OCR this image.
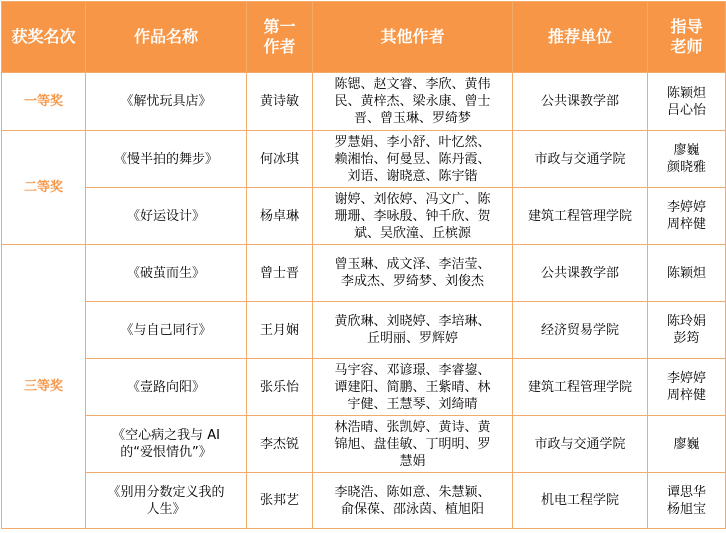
获奖名次	作品名称	第一
作者	其他作者	推荐单位	指导
老师

一等奖	《解忧玩具店》	黄诗敏	陈锶、赵文睿、李欣、黄伟
民、黄梓杰、梁永康、曾士
晋、曾玉琳、罗绮梦	公共课教学部	陈颖炟
吕心怡

二等奖	《慢半拍的舞步》	何冰琪	罗慧娟、李小舒、叶忆然、
赖湘怡、何曼昱、陈丹霞、
刘语、谢晓意、陈宇锴	市政与交通学院	廖巍
颜晓雅

	《好运设计》	杨卓琳	谢婷、刘依婷、冯文广、陈
珊珊、李咏殷、钟千欣、贺
斌、吴欣潼、丘槟源	建筑工程管理学院	李婷婷
周梓健

三等奖	《破茧而生》	曾士晋	曾玉琳、成文泽、李洁莹、
李成杰、罗绮梦、刘俊杰	公共课教学部	陈颖炟

	《与自己同行》	王月娴	黄欣琳、刘晓婷、李培琳、
丘明丽、罗辉婷	经济贸易学院	陈玲娟
彭筠

	《壹路向阳》	张乐怡	马宇容、邓谚璟、李睿鋆、
谭建阳、简鹏、王紫晴、林
宇健、王慧琴、刘绮晴	建筑工程管理学院	李婷婷
周梓健

	《空心病之我与 AI
的“爱恨情仇”》	李杰锐	林浩晴、张凯婷、黄诗、黄
锦旭、盘佳敏、丁明明、罗
慧娟	市政与交通学院	廖巍

	《别用分数定义我的
人生》	张邦艺	李晓浩、陈如意、朱慧颖、
俞保葆、邵泳茵、植旭阳	机电工程学院	谭思华
杨旭宝
